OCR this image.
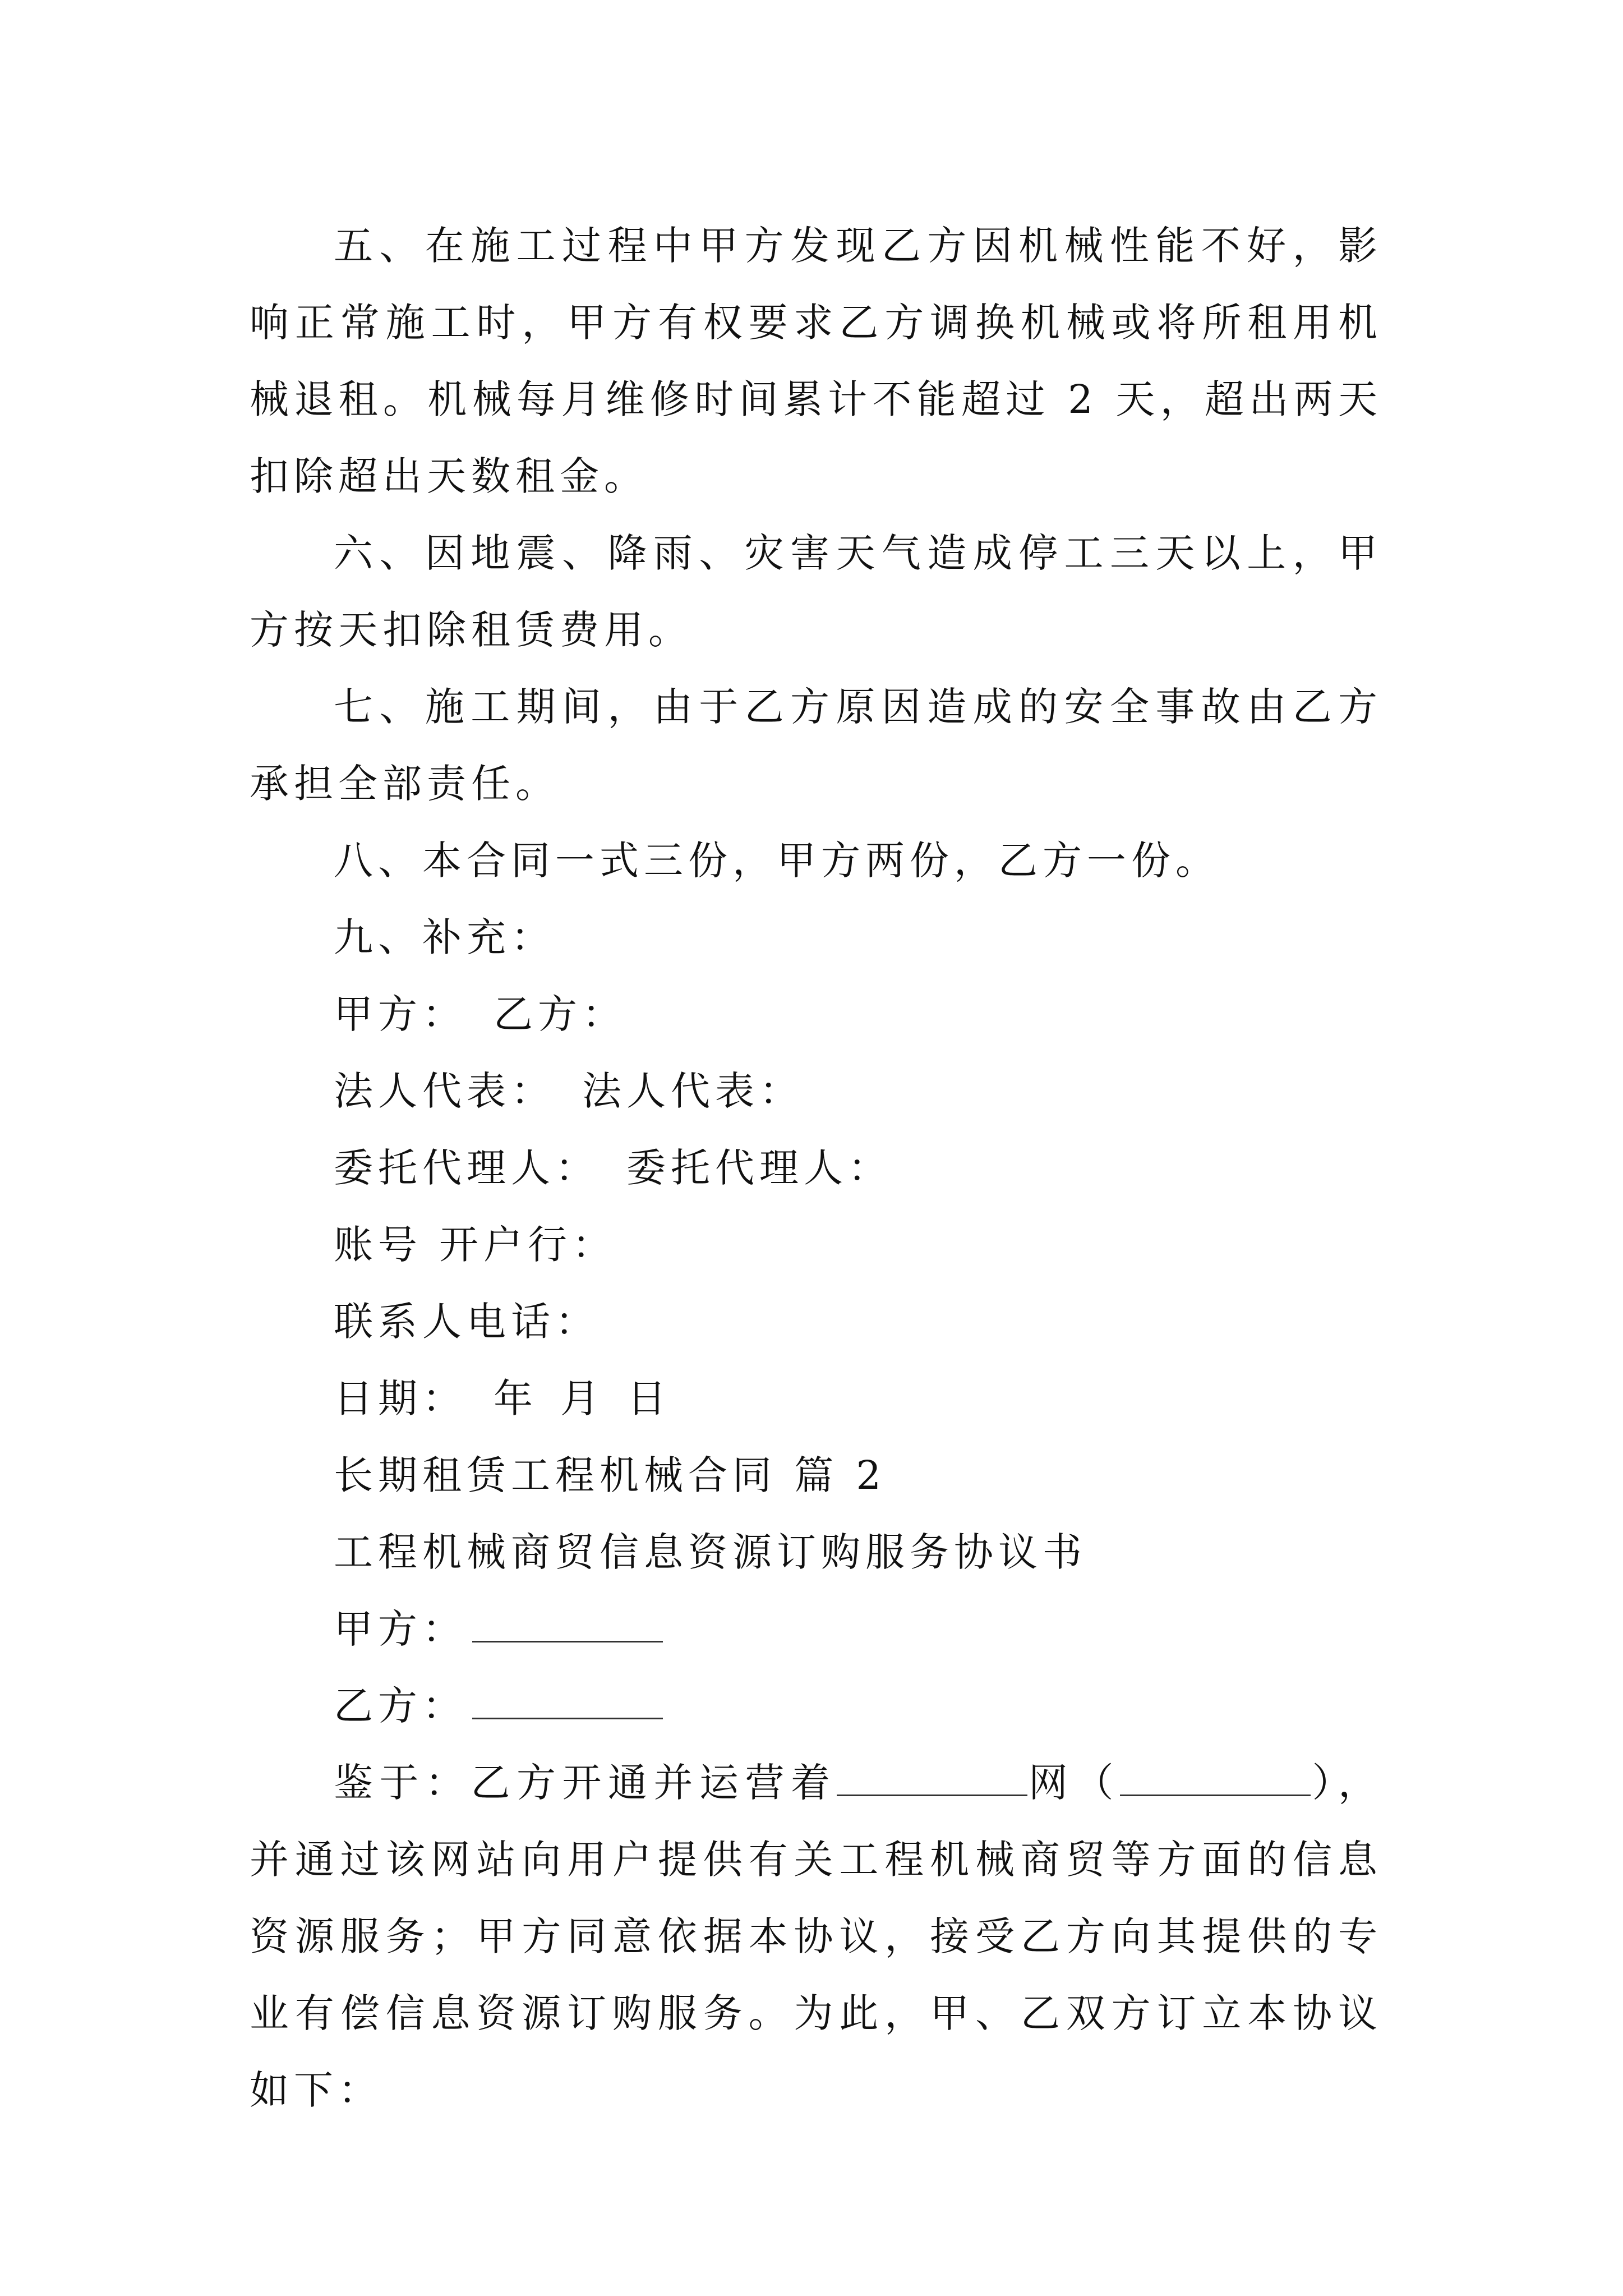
五、在施工过程中甲方发现乙方因机械性能不好，影响正常施工时，甲方有权要求乙方调换机械或将所租用机械退租。机械每月维修时间累计不能超过 2 天，超出两天扣除超出天数租金。

六、因地震、降雨、灾害天气造成停工三天以上，甲方按天扣除租赁费用。

七、施工期间，由于乙方原因造成的安全事故由乙方承担全部责任。

八、本合同一式三份，甲方两份，乙方一份。

九、补充：

甲方： 乙方：

法人代表： 法人代表：

委托代理人： 委托代理人：

账号 开户行：

联系人电话：

日期： 年 月 日

长期租赁工程机械合同 篇 2

工程机械商贸信息资源订购服务协议书

甲方：

乙方：

鉴于：乙方开通并运营着	网（	），并通过该网站向用户提供有关工程机械商贸等方面的信息资源服务；甲方同意依据本协议，接受乙方向其提供的专业有偿信息资源订购服务。为此，甲、乙双方订立本协议如下：
